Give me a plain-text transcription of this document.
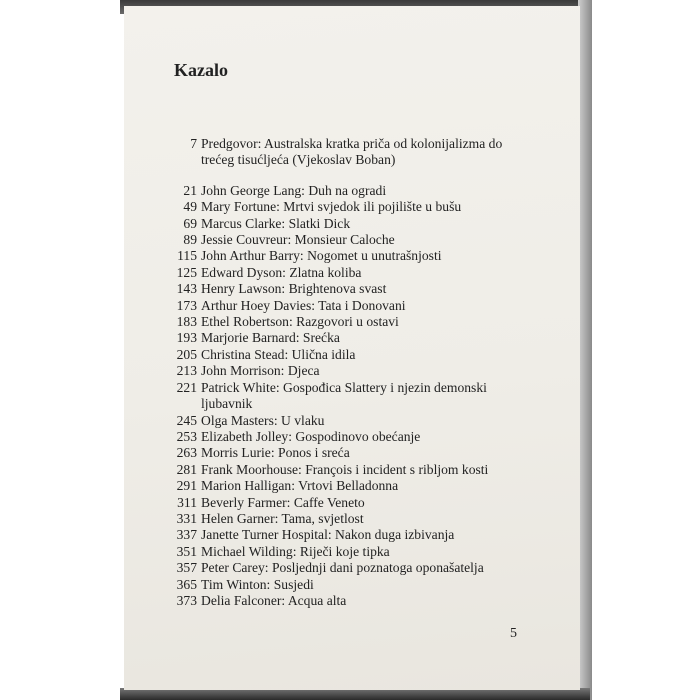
Kazalo
7 Predgovor: Australska kratka priča od kolonijalizma do trećeg tisućljeća (Vjekoslav Boban)
21 John George Lang: Duh na ogradi
49 Mary Fortune: Mrtvi svjedok ili pojilište u bušu
69 Marcus Clarke: Slatki Dick
89 Jessie Couvreur: Monsieur Caloche
115 John Arthur Barry: Nogomet u unutrašnjosti
125 Edward Dyson: Zlatna koliba
143 Henry Lawson: Brightenova svast
173 Arthur Hoey Davies: Tata i Donovani
183 Ethel Robertson: Razgovori u ostavi
193 Marjorie Barnard: Srećka
205 Christina Stead: Ulična idila
213 John Morrison: Djeca
221 Patrick White: Gospođica Slattery i njezin demonski ljubavnik
245 Olga Masters: U vlaku
253 Elizabeth Jolley: Gospodinovo obećanje
263 Morris Lurie: Ponos i sreća
281 Frank Moorhouse: François i incident s ribljom kosti
291 Marion Halligan: Vrtovi Belladonna
311 Beverly Farmer: Caffe Veneto
331 Helen Garner: Tama, svjetlost
337 Janette Turner Hospital: Nakon duga izbivanja
351 Michael Wilding: Riječi koje tipka
357 Peter Carey: Posljednji dani poznatoga oponašatelja
365 Tim Winton: Susjedi
373 Delia Falconer: Acqua alta
5
